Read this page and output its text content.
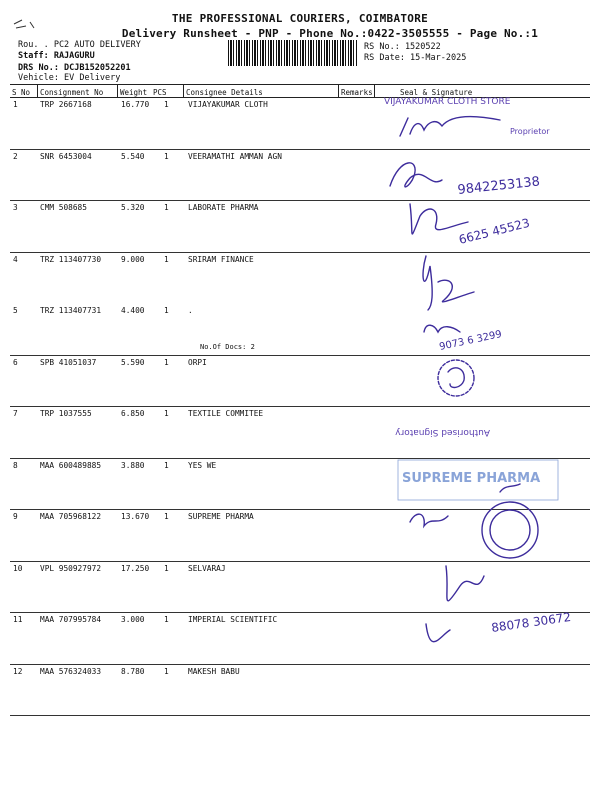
THE PROFESSIONAL COURIERS, COIMBATORE
Delivery Runsheet - PNP - Phone No.:0422-3505555 - Page No.:1
Rou. . PC2 AUTO DELIVERY
Staff: RAJAGURU
DRS No.: DCJB152052201
Vehicle: EV Delivery
RS No.: 1520522
RS Date: 15-Mar-2025
S No Consignment No Weight PCS	Consignee Details	Remarks	Seal & Signature
1	TRP 2667168	16.770 1 VIJAYAKUMAR CLOTH
2	SNR 6453004	5.540	1 VEERAMATHI AMMAN AGN
3	CMM 508685	5.320	1 LABORATE PHARMA
4	TRZ 113407730	9.000	1 SRIRAM FINANCE
5	TRZ 113407731	4.400	1 .
No.Of Docs: 2
6	SPB 41051037	5.590	1 ORPI
7	TRP 1037555	6.850	1 TEXTILE COMMITEE
8	MAA 600489885	3.880	1 YES WE
9	MAA 705968122	13.670 1 SUPREME PHARMA
10 VPL 950927972	17.250 1 SELVARAJ
11 MAA 707995784	3.000	1 IMPERIAL SCIENTIFIC
12 MAA 576324033	8.780	1 MAKESH BABU
VIJAYAKUMAR CLOTH STORE
Proprietor
9842253138
6625 45523
9073 6 3299
Authorised Signatory
SUPREME PHARMA
88078 30672
